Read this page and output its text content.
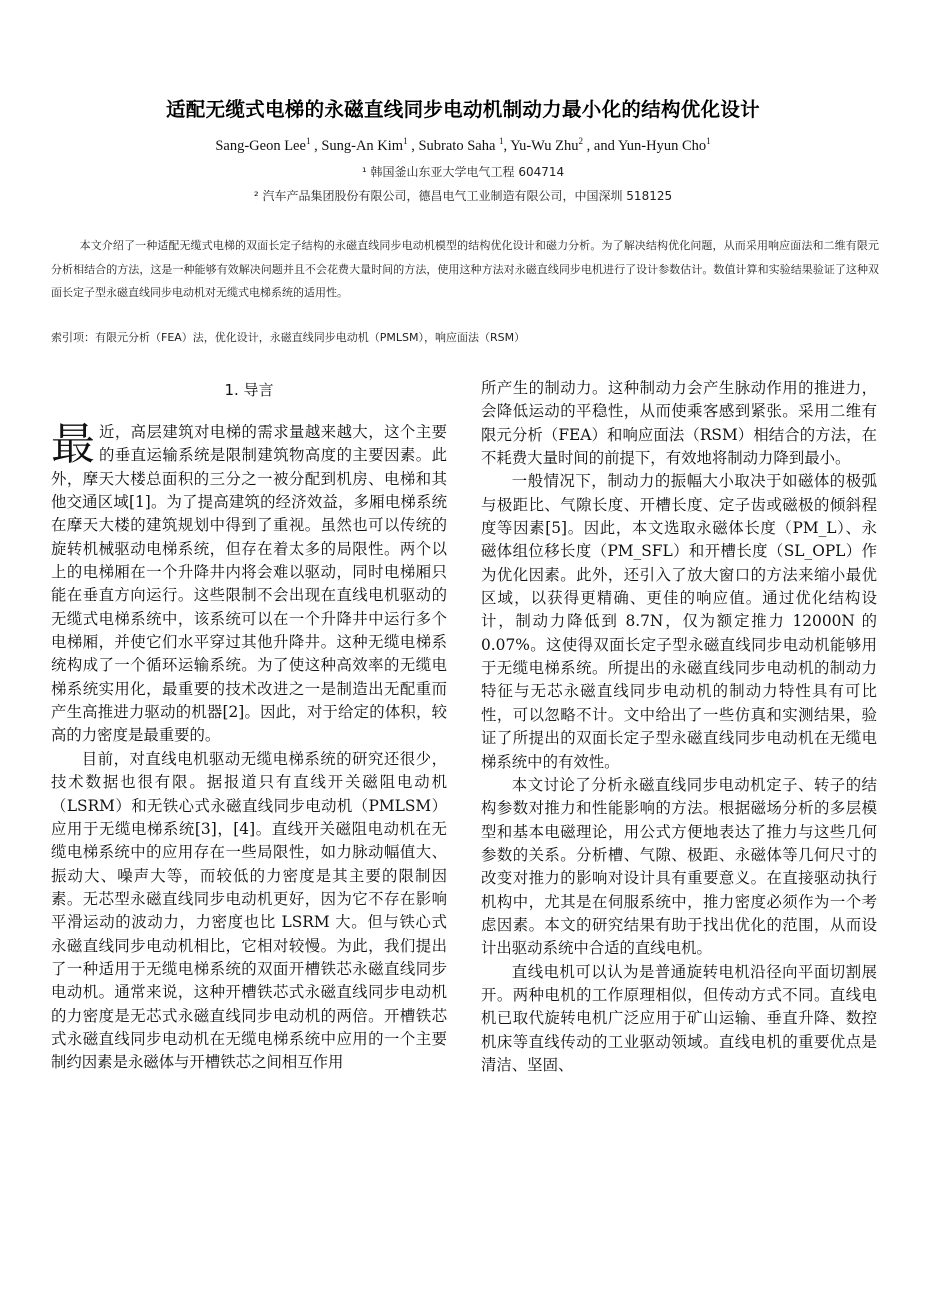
适配无缆式电梯的永磁直线同步电动机制动力最小化的结构优化设计
Sang-Geon Lee$^1$ , Sung-An Kim$^1$ , Subrato Saha $^1$, Yu-Wu Zhu$^2$ , and Yun-Hyun Cho$^1$
¹ 韩国釜山东亚大学电气工程 604714
² 汽车产品集团股份有限公司，德昌电气工业制造有限公司，中国深圳 518125
本文介绍了一种适配无缆式电梯的双面长定子结构的永磁直线同步电动机模型的结构优化设计和磁力分析。为了解决结构优化问题，从而采用响应面法和二维有限元分析相结合的方法，这是一种能够有效解决问题并且不会花费大量时间的方法，使用这种方法对永磁直线同步电机进行了设计参数估计。数值计算和实验结果验证了这种双面长定子型永磁直线同步电动机对无缆式电梯系统的适用性。
索引项：有限元分析（FEA）法，优化设计，永磁直线同步电动机（PMLSM），响应面法（RSM）
1. 导言

最近，高层建筑对电梯的需求量越来越大，这个主要的垂直运输系统是限制建筑物高度的主要因素。此外，摩天大楼总面积的三分之一被分配到机房、电梯和其他交通区域[1]。为了提高建筑的经济效益，多厢电梯系统在摩天大楼的建筑规划中得到了重视。虽然也可以传统的旋转机械驱动电梯系统，但存在着太多的局限性。两个以上的电梯厢在一个升降井内将会难以驱动，同时电梯厢只能在垂直方向运行。这些限制不会出现在直线电机驱动的无缆式电梯系统中，该系统可以在一个升降井中运行多个电梯厢，并使它们水平穿过其他升降井。这种无缆电梯系统构成了一个循环运输系统。为了使这种高效率的无缆电梯系统实用化，最重要的技术改进之一是制造出无配重而产生高推进力驱动的机器[2]。因此，对于给定的体积，较高的力密度是最重要的。

目前，对直线电机驱动无缆电梯系统的研究还很少，技术数据也很有限。据报道只有直线开关磁阻电动机（LSRM）和无铁心式永磁直线同步电动机（PMLSM）应用于无缆电梯系统[3]，[4]。直线开关磁阻电动机在无缆电梯系统中的应用存在一些局限性，如力脉动幅值大、振动大、噪声大等，而较低的力密度是其主要的限制因素。无芯型永磁直线同步电动机更好，因为它不存在影响平滑运动的波动力，力密度也比 LSRM 大。但与铁心式永磁直线同步电动机相比，它相对较慢。为此，我们提出了一种适用于无缆电梯系统的双面开槽铁芯永磁直线同步电动机。通常来说，这种开槽铁芯式永磁直线同步电动机的力密度是无芯式永磁直线同步电动机的两倍。开槽铁芯式永磁直线同步电动机在无缆电梯系统中应用的一个主要制约因素是永磁体与开槽铁芯之间相互作用

所产生的制动力。这种制动力会产生脉动作用的推进力，会降低运动的平稳性，从而使乘客感到紧张。采用二维有限元分析（FEA）和响应面法（RSM）相结合的方法，在不耗费大量时间的前提下，有效地将制动力降到最小。

一般情况下，制动力的振幅大小取决于如磁体的极弧与极距比、气隙长度、开槽长度、定子齿或磁极的倾斜程度等因素[5]。因此，本文选取永磁体长度（PM_L）、永磁体组位移长度（PM_SFL）和开槽长度（SL_OPL）作为优化因素。此外，还引入了放大窗口的方法来缩小最优区域，以获得更精确、更佳的响应值。通过优化结构设计，制动力降低到 8.7N，仅为额定推力 12000N 的 0.07%。这使得双面长定子型永磁直线同步电动机能够用于无缆电梯系统。所提出的永磁直线同步电动机的制动力特征与无芯永磁直线同步电动机的制动力特性具有可比性，可以忽略不计。文中给出了一些仿真和实测结果，验证了所提出的双面长定子型永磁直线同步电动机在无缆电梯系统中的有效性。

本文讨论了分析永磁直线同步电动机定子、转子的结构参数对推力和性能影响的方法。根据磁场分析的多层模型和基本电磁理论，用公式方便地表达了推力与这些几何参数的关系。分析槽、气隙、极距、永磁体等几何尺寸的改变对推力的影响对设计具有重要意义。在直接驱动执行机构中，尤其是在伺服系统中，推力密度必须作为一个考虑因素。本文的研究结果有助于找出优化的范围，从而设计出驱动系统中合适的直线电机。

直线电机可以认为是普通旋转电机沿径向平面切割展开。两种电机的工作原理相似，但传动方式不同。直线电机已取代旋转电机广泛应用于矿山运输、垂直升降、数控机床等直线传动的工业驱动领域。直线电机的重要优点是清洁、坚固、
